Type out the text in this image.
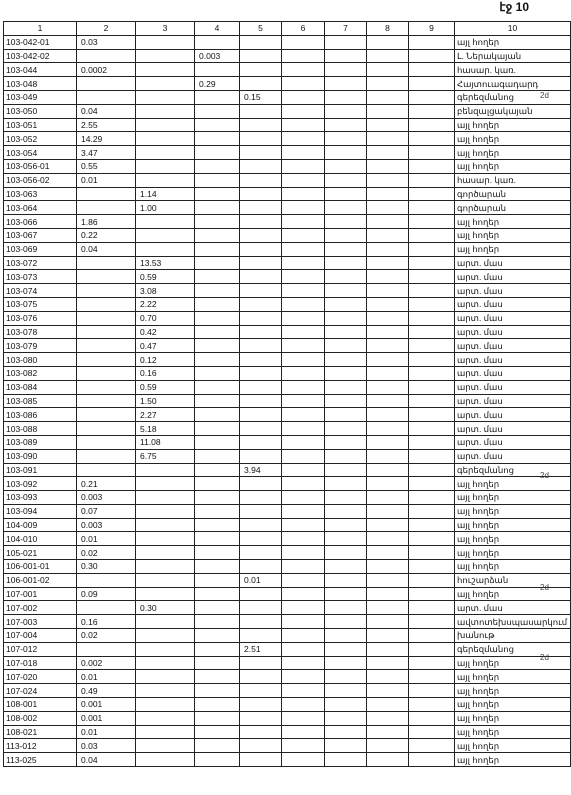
էջ 10
1	2	3	4	5	6	7	8	9	10
103-042-01	0.03								այլ հողեր
103-042-02			0.003						Լ. Ներակայան
103-044	0.0002								հասար. կառ.
103-048			0.29						Հայտուագադարդ
103-049				0.15					գերեզմանոց
103-050	0.04								բենզալցակայան
103-051	2.55								այլ հողեր
103-052	14.29								այլ հողեր
103-054	3.47								այլ հողեր
103-056-01	0.55								այլ հողեր
103-056-02	0.01								հասար. կառ.
103-063		1.14							գործարան
103-064		1.00							գործարան
103-066	1.86								այլ հողեր
103-067	0.22								այլ հողեր
103-069	0.04								այլ հողեր
103-072		13.53							արտ. մաս
103-073		0.59							արտ. մաս
103-074		3.08							արտ. մաս
103-075		2.22							արտ. մաս
103-076		0.70							արտ. մաս
103-078		0.42							արտ. մաս
103-079		0.47							արտ. մաս
103-080		0.12							արտ. մաս
103-082		0.16							արտ. մաս
103-084		0.59							արտ. մաս
103-085		1.50							արտ. մաս
103-086		2.27							արտ. մաս
103-088		5.18							արտ. մաս
103-089		11.08							արտ. մաս
103-090		6.75							արտ. մաս
103-091				3.94					գերեզմանոց
103-092	0.21								այլ հողեր
103-093	0.003								այլ հողեր
103-094	0.07								այլ հողեր
104-009	0.003								այլ հողեր
104-010	0.01								այլ հողեր
105-021	0.02								այլ հողեր
106-001-01	0.30								այլ հողեր
106-001-02				0.01					հուշարձան
107-001	0.09								այլ հողեր
107-002		0.30							արտ. մաս
107-003	0.16								ավտոտեխսպասարկում
107-004	0.02								խանութ
107-012				2.51					գերեզմանոց
107-018	0.002								այլ հողեր
107-020	0.01								այլ հողեր
107-024	0.49								այլ հողեր
108-001	0.001								այլ հողեր
108-002	0.001								այլ հողեր
108-021	0.01								այլ հողեր
113-012	0.03								այլ հողեր
113-025	0.04								այլ հողեր
2d
2d
2d
2d
